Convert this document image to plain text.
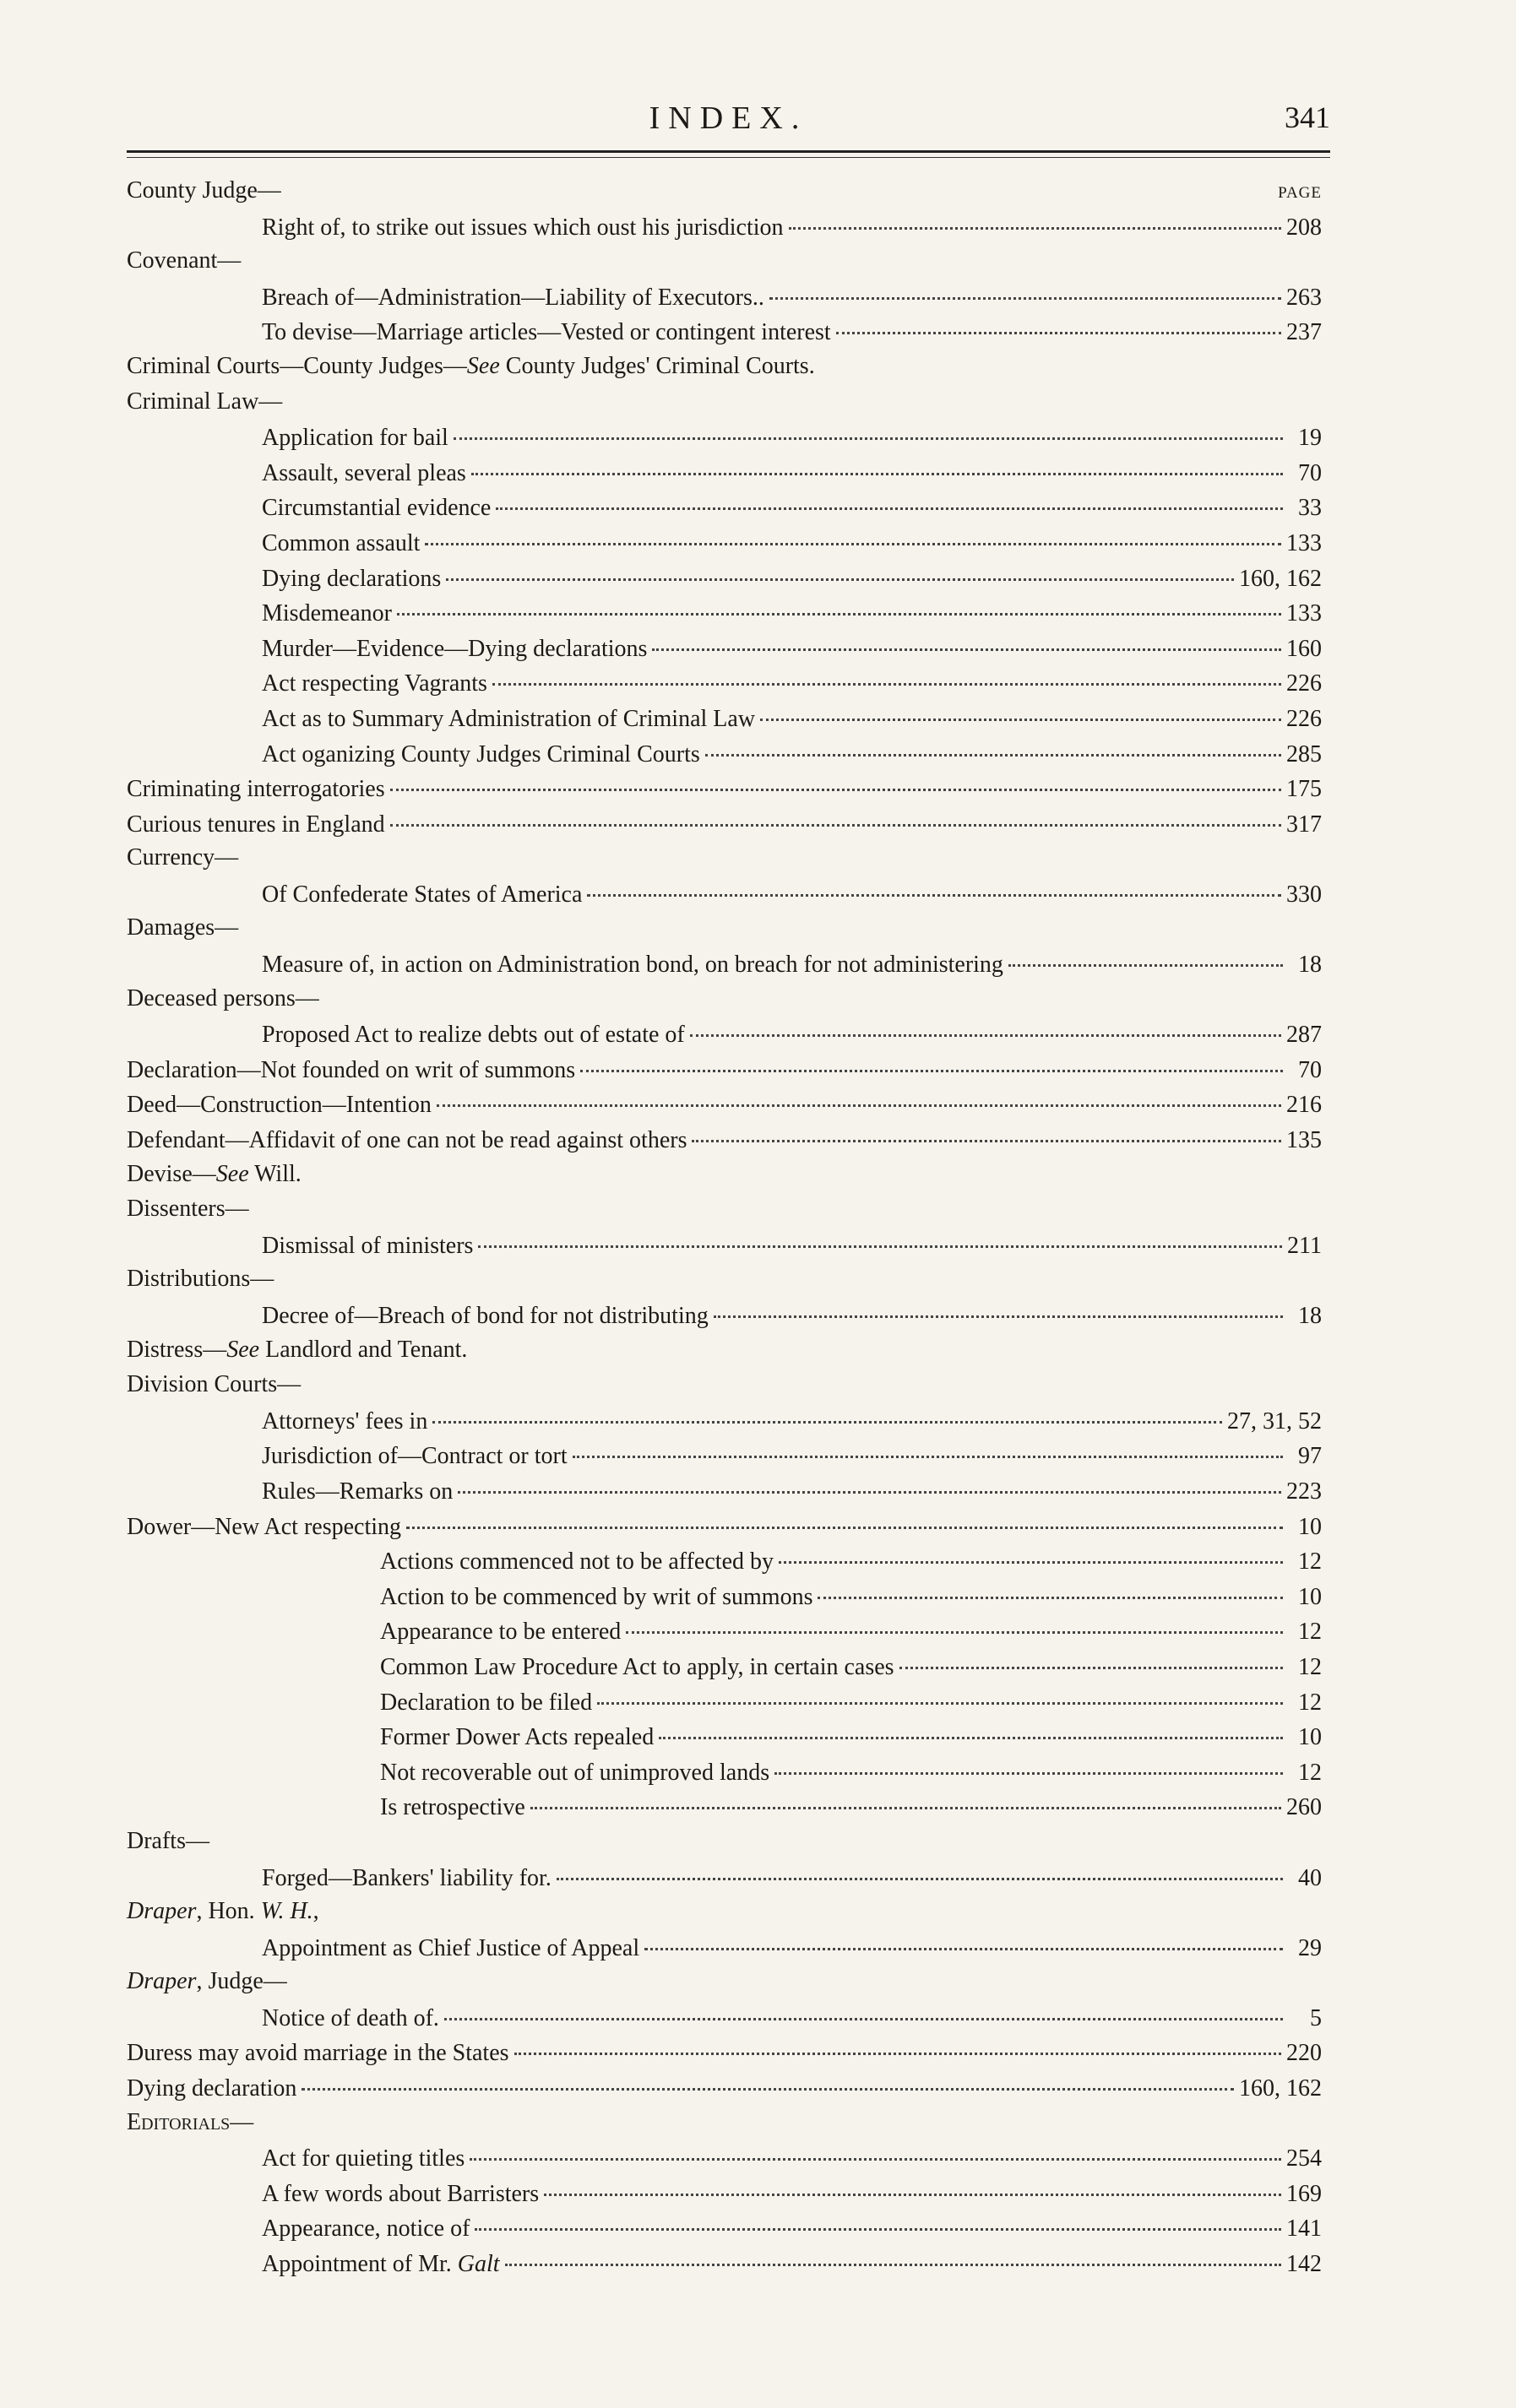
INDEX.	341
County Judge—	PAGE
Right of, to strike out issues which oust his jurisdiction	208
Covenant—
Breach of—Administration—Liability of Executors..	263
To devise—Marriage articles—Vested or contingent interest	237
Criminal Courts—County Judges—See County Judges' Criminal Courts.
Criminal Law—
Application for bail	19
Assault, several pleas	70
Circumstantial evidence	33
Common assault	133
Dying declarations	160, 162
Misdemeanor	133
Murder—Evidence—Dying declarations	160
Act respecting Vagrants	226
Act as to Summary Administration of Criminal Law	226
Act oganizing County Judges Criminal Courts	285
Criminating interrogatories	175
Curious tenures in England	317
Currency—
Of Confederate States of America	330
Damages—
Measure of, in action on Administration bond, on breach for not administering	18
Deceased persons—
Proposed Act to realize debts out of estate of	287
Declaration—Not founded on writ of summons	70
Deed—Construction—Intention	216
Defendant—Affidavit of one can not be read against others	135
Devise—See Will.
Dissenters—
Dismissal of ministers	211
Distributions—
Decree of—Breach of bond for not distributing	18
Distress—See Landlord and Tenant.
Division Courts—
Attorneys' fees in	27, 31, 52
Jurisdiction of—Contract or tort	97
Rules—Remarks on	223
Dower—New Act respecting	10
Actions commenced not to be affected by	12
Action to be commenced by writ of summons	10
Appearance to be entered	12
Common Law Procedure Act to apply, in certain cases	12
Declaration to be filed	12
Former Dower Acts repealed	10
Not recoverable out of unimproved lands	12
Is retrospective	260
Drafts—
Forged—Bankers' liability for.	40
Draper, Hon. W. H.,
Appointment as Chief Justice of Appeal	29
Draper, Judge—
Notice of death of.	5
Duress may avoid marriage in the States	220
Dying declaration	160, 162
Editorials—
Act for quieting titles	254
A few words about Barristers	169
Appearance, notice of	141
Appointment of Mr. Galt	142
